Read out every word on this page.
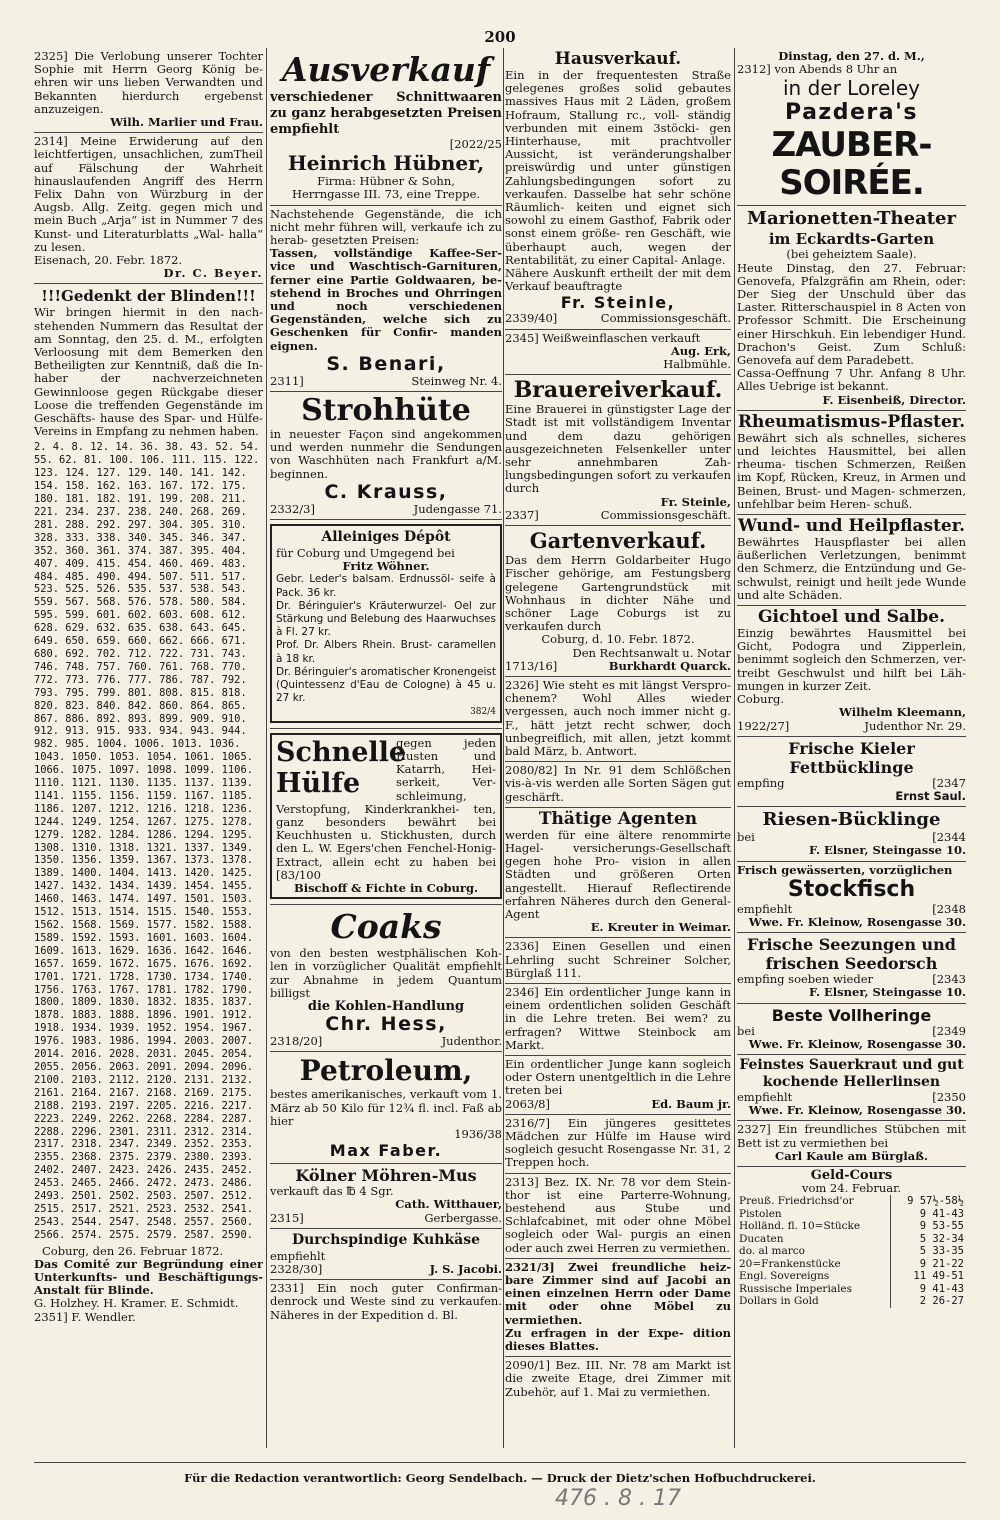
200

2325] Die Verlobung unserer Tochter Sophie mit Herrn Georg König be- ehren wir uns lieben Verwandten und Bekannten hierdurch ergebenst anzuzeigen.

Wilh. Marlier und Frau.

2314] Meine Erwiderung auf den leichtfertigen, unsachlichen, zumTheil auf Fälschung der Wahrheit hinauslaufenden Angriff des Herrn Felix Dahn von Würzburg in der Augsb. Allg. Zeitg. gegen mich und mein Buch „Arja“ ist in Nummer 7 des Kunst- und Literaturblatts „Wal- halla“ zu lesen.

Eisenach, 20. Febr. 1872.

Dr. C. Beyer.

!!!Gedenkt der Blinden!!!

Wir bringen hiermit in den nach- stehenden Nummern das Resultat der am Sonntag, den 25. d. M., erfolgten Verloosung mit dem Bemerken den Betheiligten zur Kenntniß, daß die In- haber der nachverzeichneten Gewinnloose gegen Rückgabe dieser Loose die treffenden Gegenstände im Geschäfts- hause des Spar- und Hülfe-Vereins in Empfang zu nehmen haben.

2. 4. 8. 12. 14. 36. 38. 43. 52. 54.
55. 62. 81. 100. 106. 111. 115. 122.
123. 124. 127. 129. 140. 141. 142.
154. 158. 162. 163. 167. 172. 175.
180. 181. 182. 191. 199. 208. 211.
221. 234. 237. 238. 240. 268. 269.
281. 288. 292. 297. 304. 305. 310.
328. 333. 338. 340. 345. 346. 347.
352. 360. 361. 374. 387. 395. 404.
407. 409. 415. 454. 460. 469. 483.
484. 485. 490. 494. 507. 511. 517.
523. 525. 526. 535. 537. 538. 543.
559. 567. 568. 576. 578. 580. 584.
595. 599. 601. 602. 603. 608. 612.
628. 629. 632. 635. 638. 643. 645.
649. 650. 659. 660. 662. 666. 671.
680. 692. 702. 712. 722. 731. 743.
746. 748. 757. 760. 761. 768. 770.
772. 773. 776. 777. 786. 787. 792.
793. 795. 799. 801. 808. 815. 818.
820. 823. 840. 842. 860. 864. 865.
867. 886. 892. 893. 899. 909. 910.
912. 913. 915. 933. 934. 943. 944.
982. 985. 1004. 1006. 1013. 1036.
1043. 1050. 1053. 1054. 1061. 1065.
1066. 1075. 1097. 1098. 1099. 1106.
1110. 1121. 1130. 1135. 1137. 1139.
1141. 1155. 1156. 1159. 1167. 1185.
1186. 1207. 1212. 1216. 1218. 1236.
1244. 1249. 1254. 1267. 1275. 1278.
1279. 1282. 1284. 1286. 1294. 1295.
1308. 1310. 1318. 1321. 1337. 1349.
1350. 1356. 1359. 1367. 1373. 1378.
1389. 1400. 1404. 1413. 1420. 1425.
1427. 1432. 1434. 1439. 1454. 1455.
1460. 1463. 1474. 1497. 1501. 1503.
1512. 1513. 1514. 1515. 1540. 1553.
1562. 1568. 1569. 1577. 1582. 1588.
1589. 1592. 1593. 1601. 1603. 1604.
1609. 1613. 1629. 1636. 1642. 1646.
1657. 1659. 1672. 1675. 1676. 1692.
1701. 1721. 1728. 1730. 1734. 1740.
1756. 1763. 1767. 1781. 1782. 1790.
1800. 1809. 1830. 1832. 1835. 1837.
1878. 1883. 1888. 1896. 1901. 1912.
1918. 1934. 1939. 1952. 1954. 1967.
1976. 1983. 1986. 1994. 2003. 2007.
2014. 2016. 2028. 2031. 2045. 2054.
2055. 2056. 2063. 2091. 2094. 2096.
2100. 2103. 2112. 2120. 2131. 2132.
2161. 2164. 2167. 2168. 2169. 2175.
2188. 2193. 2197. 2205. 2216. 2217.
2223. 2249. 2262. 2268. 2284. 2287.
2288. 2296. 2301. 2311. 2312. 2314.
2317. 2318. 2347. 2349. 2352. 2353.
2355. 2368. 2375. 2379. 2380. 2393.
2402. 2407. 2423. 2426. 2435. 2452.
2453. 2465. 2466. 2472. 2473. 2486.
2493. 2501. 2502. 2503. 2507. 2512.
2515. 2517. 2521. 2523. 2532. 2541.
2543. 2544. 2547. 2548. 2557. 2560.
2566. 2574. 2575. 2579. 2587. 2590.

Coburg, den 26. Februar 1872.

Das Comité zur Begründung einer Unterkunfts- und Beschäftigungs- Anstalt für Blinde.

G. Holzhey. H. Kramer. E. Schmidt.

2351] F. Wendler.

Ausverkauf

verschiedener Schnittwaaren zu ganz herabgesetzten Preisen empfiehlt

[2022/25

Heinrich Hübner,

Firma: Hübner & Sohn,

Herrngasse III. 73, eine Treppe.

Nachstehende Gegenstände, die ich nicht mehr führen will, verkaufe ich zu herab- gesetzten Preisen:

Tassen, vollständige Kaffee-Ser- vice und Waschtisch-Garnituren, ferner eine Partie Goldwaaren, be- stehend in Broches und Ohrringen und noch verschiedenen Gegenständen, welche sich zu Geschenken für Confir- manden eignen.

S. Benari,
2311]	Steinweg Nr. 4.
Strohhüte

in neuester Façon sind angekommen und werden nunmehr die Sendungen von Waschhüten nach Frankfurt a/M. beginnen.

C. Krauss,
2332/3]	Judengasse 71.
Alleiniges Dépôt

für Coburg und Umgegend bei

Fritz Wöhner.

Gebr. Leder's balsam. Erdnussöl- seife à Pack. 36 kr.

Dr. Béringuier's Kräuterwurzel- Oel zur Stärkung und Belebung des Haarwuchses à Fl. 27 kr.

Prof. Dr. Albers Rhein. Brust- caramellen à 18 kr.

Dr. Béringuier's aromatischer Kronengeist (Quintessenz d'Eau de Cologne) à 45 u. 27 kr.

382/4

Schnelle
Hülfe

gegen jeden Husten und Katarrh, Hei- serkeit, Ver- schleimung,

Verstopfung, Kinderkrankhei- ten, ganz besonders bewährt bei Keuchhusten u. Stickhusten, durch den L. W. Egers'chen Fenchel-Honig-Extract, allein echt zu haben bei [83/100

Bischoff & Fichte in Coburg.

Coaks

von den besten westphälischen Koh- len in vorzüglicher Qualität empfiehlt zur Abnahme in jedem Quantum billigst

die Kohlen-Handlung

Chr. Hess,
2318/20]	Judenthor.
Petroleum,

bestes amerikanisches, verkauft vom 1. März ab 50 Kilo für 12¾ fl. incl. Faß ab hier

1936/38

Max Faber.
Kölner Möhren-Mus

verkauft das ℔ 4 Sgr.

Cath. Witthauer,

2315]	Gerbergasse.
Durchspindige Kuhkäse

empfiehlt

2328/30]	J. S. Jacobi.

2331] Ein noch guter Confirman- denrock und Weste sind zu verkaufen. Näheres in der Expedition d. Bl.

Hausverkauf.

Ein in der frequentesten Straße gelegenes großes solid gebautes massives Haus mit 2 Läden, großem Hofraum, Stallung rc., voll- ständig verbunden mit einem 3stöcki- gen Hinterhause, mit prachtvoller Aussicht, ist veränderungshalber preiswürdig und unter günstigen Zahlungsbedingungen sofort zu verkaufen. Dasselbe hat sehr schöne Räumlich- keiten und eignet sich sowohl zu einem Gasthof, Fabrik oder sonst einem größe- ren Geschäft, wie überhaupt auch, wegen der Rentabilität, zu einer Capital- Anlage.

Nähere Auskunft ertheilt der mit dem Verkauf beauftragte

Fr. Steinle,
2339/40]	Commissionsgeschäft.

2345] Weißweinflaschen verkauft

Aug. Erk,

Halbmühle.

Brauereiverkauf.

Eine Brauerei in günstigster Lage der Stadt ist mit vollständigem Inventar und dem dazu gehörigen ausgezeichneten Felsenkeller unter sehr annehmbaren Zah- lungsbedingungen sofort zu verkaufen durch

Fr. Steinle,

2337]	Commissionsgeschäft.
Gartenverkauf.

Das dem Herrn Goldarbeiter Hugo Fischer gehörige, am Festungsberg gelegene Gartengrundstück mit Wohnhaus in dichter Nähe und schöner Lage Coburgs ist zu verkaufen durch

Coburg, d. 10. Febr. 1872.

Den Rechtsanwalt u. Notar

1713/16]	Burkhardt Quarck.

2326] Wie steht es mit längst Verspro- chenem? Wohl Alles wieder vergessen, auch noch immer nicht g. F., hätt jetzt recht schwer, doch unbegreiflich, mit allen, jetzt kommt bald März, b. Antwort.

2080/82] In Nr. 91 dem Schlößchen vis-à-vis werden alle Sorten Sägen gut geschärft.

Thätige Agenten

werden für eine ältere renommirte Hagel- versicherungs-Gesellschaft gegen hohe Pro- vision in allen Städten und größeren Orten angestellt. Hierauf Reflectirende erfahren Näheres durch den General- Agent

E. Kreuter in Weimar.

2336] Einen Gesellen und einen Lehrling sucht Schreiner Solcher, Bürglaß 111.

2346] Ein ordentlicher Junge kann in einem ordentlichen soliden Geschäft in die Lehre treten. Bei wem? zu erfragen? Wittwe Steinbock am Markt.

Ein ordentlicher Junge kann sogleich oder Ostern unentgeltlich in die Lehre treten bei

2063/8]	Ed. Baum jr.

2316/7] Ein jüngeres gesittetes Mädchen zur Hülfe im Hause wird sogleich gesucht Rosengasse Nr. 31, 2 Treppen hoch.

2313] Bez. IX. Nr. 78 vor dem Stein- thor ist eine Parterre-Wohnung, bestehend aus Stube und Schlafcabinet, mit oder ohne Möbel sogleich oder Wal- purgis an einen oder auch zwei Herren zu vermiethen.

2321/3] Zwei freundliche heiz- bare Zimmer sind auf Jacobi an einen einzelnen Herrn oder Dame mit oder ohne Möbel zu vermiethen.

Zu erfragen in der Expe- dition dieses Blattes.

2090/1] Bez. III. Nr. 78 am Markt ist die zweite Etage, drei Zimmer mit Zubehör, auf 1. Mai zu vermiethen.

Dinstag, den 27. d. M.,

2312] von Abends 8 Uhr an

in der Loreley
Pazdera's
ZAUBER-SOIRÉE.
Marionetten-Theater

im Eckardts-Garten

(bei geheiztem Saale).

Heute Dinstag, den 27. Februar: Genovefa, Pfalzgräfin am Rhein, oder: Der Sieg der Unschuld über das Laster. Ritterschauspiel in 8 Acten von Professor Schmitt. Die Erscheinung einer Hirschkuh. Ein lebendiger Hund. Drachon's Geist. Zum Schluß: Genovefa auf dem Paradebett.

Cassa-Oeffnung 7 Uhr. Anfang 8 Uhr. Alles Uebrige ist bekannt.

F. Eisenbeiß, Director.

Rheumatismus-Pflaster.

Bewährt sich als schnelles, sicheres und leichtes Hausmittel, bei allen rheuma- tischen Schmerzen, Reißen im Kopf, Rücken, Kreuz, in Armen und Beinen, Brust- und Magen- schmerzen, unfehlbar beim Heren- schuß.

Wund- und Heilpflaster.

Bewährtes Hauspflaster bei allen äußerlichen Verletzungen, benimmt den Schmerz, die Entzündung und Ge- schwulst, reinigt und heilt jede Wunde und alte Schäden.

Gichtoel und Salbe.

Einzig bewährtes Hausmittel bei Gicht, Podogra und Zipperlein, benimmt sogleich den Schmerzen, ver- treibt Geschwulst und hilft bei Läh- mungen in kurzer Zeit.

Coburg.

Wilhelm Kleemann,

1922/27]	Judenthor Nr. 29.
Frische Kieler Fettbücklinge
empfing	[2347

Ernst Saul.

Riesen-Bücklinge
bei	[2344

F. Elsner, Steingasse 10.

Frisch gewässerten, vorzüglichen

Stockfisch
empfiehlt	[2348

Wwe. Fr. Kleinow, Rosengasse 30.

Frische Seezungen und frischen Seedorsch
empfing soeben wieder	[2343

F. Elsner, Steingasse 10.

Beste Vollheringe
bei	[2349

Wwe. Fr. Kleinow, Rosengasse 30.

Feinstes Sauerkraut und gut kochende Hellerlinsen
empfiehlt	[2350

Wwe. Fr. Kleinow, Rosengasse 30.

2327] Ein freundliches Stübchen mit Bett ist zu vermiethen bei

Carl Kaule am Bürglaß.

Geld-Cours

vom 24. Februar.

Preuß. Friedrichsd'or	9 57½-58½
Pistolen	9 41-43
Holländ. fl. 10=Stücke	9 53-55
Ducaten	5 32-34
do. al marco	5 33-35
20=Frankenstücke	9 21-22
Engl. Sovereigns	11 49-51
Russische Imperiales	9 41-43
Dollars in Gold	2 26-27
Für die Redaction verantwortlich: Georg Sendelbach. — Druck der Dietz'schen Hofbuchdruckerei.
476 . 8 . 17
